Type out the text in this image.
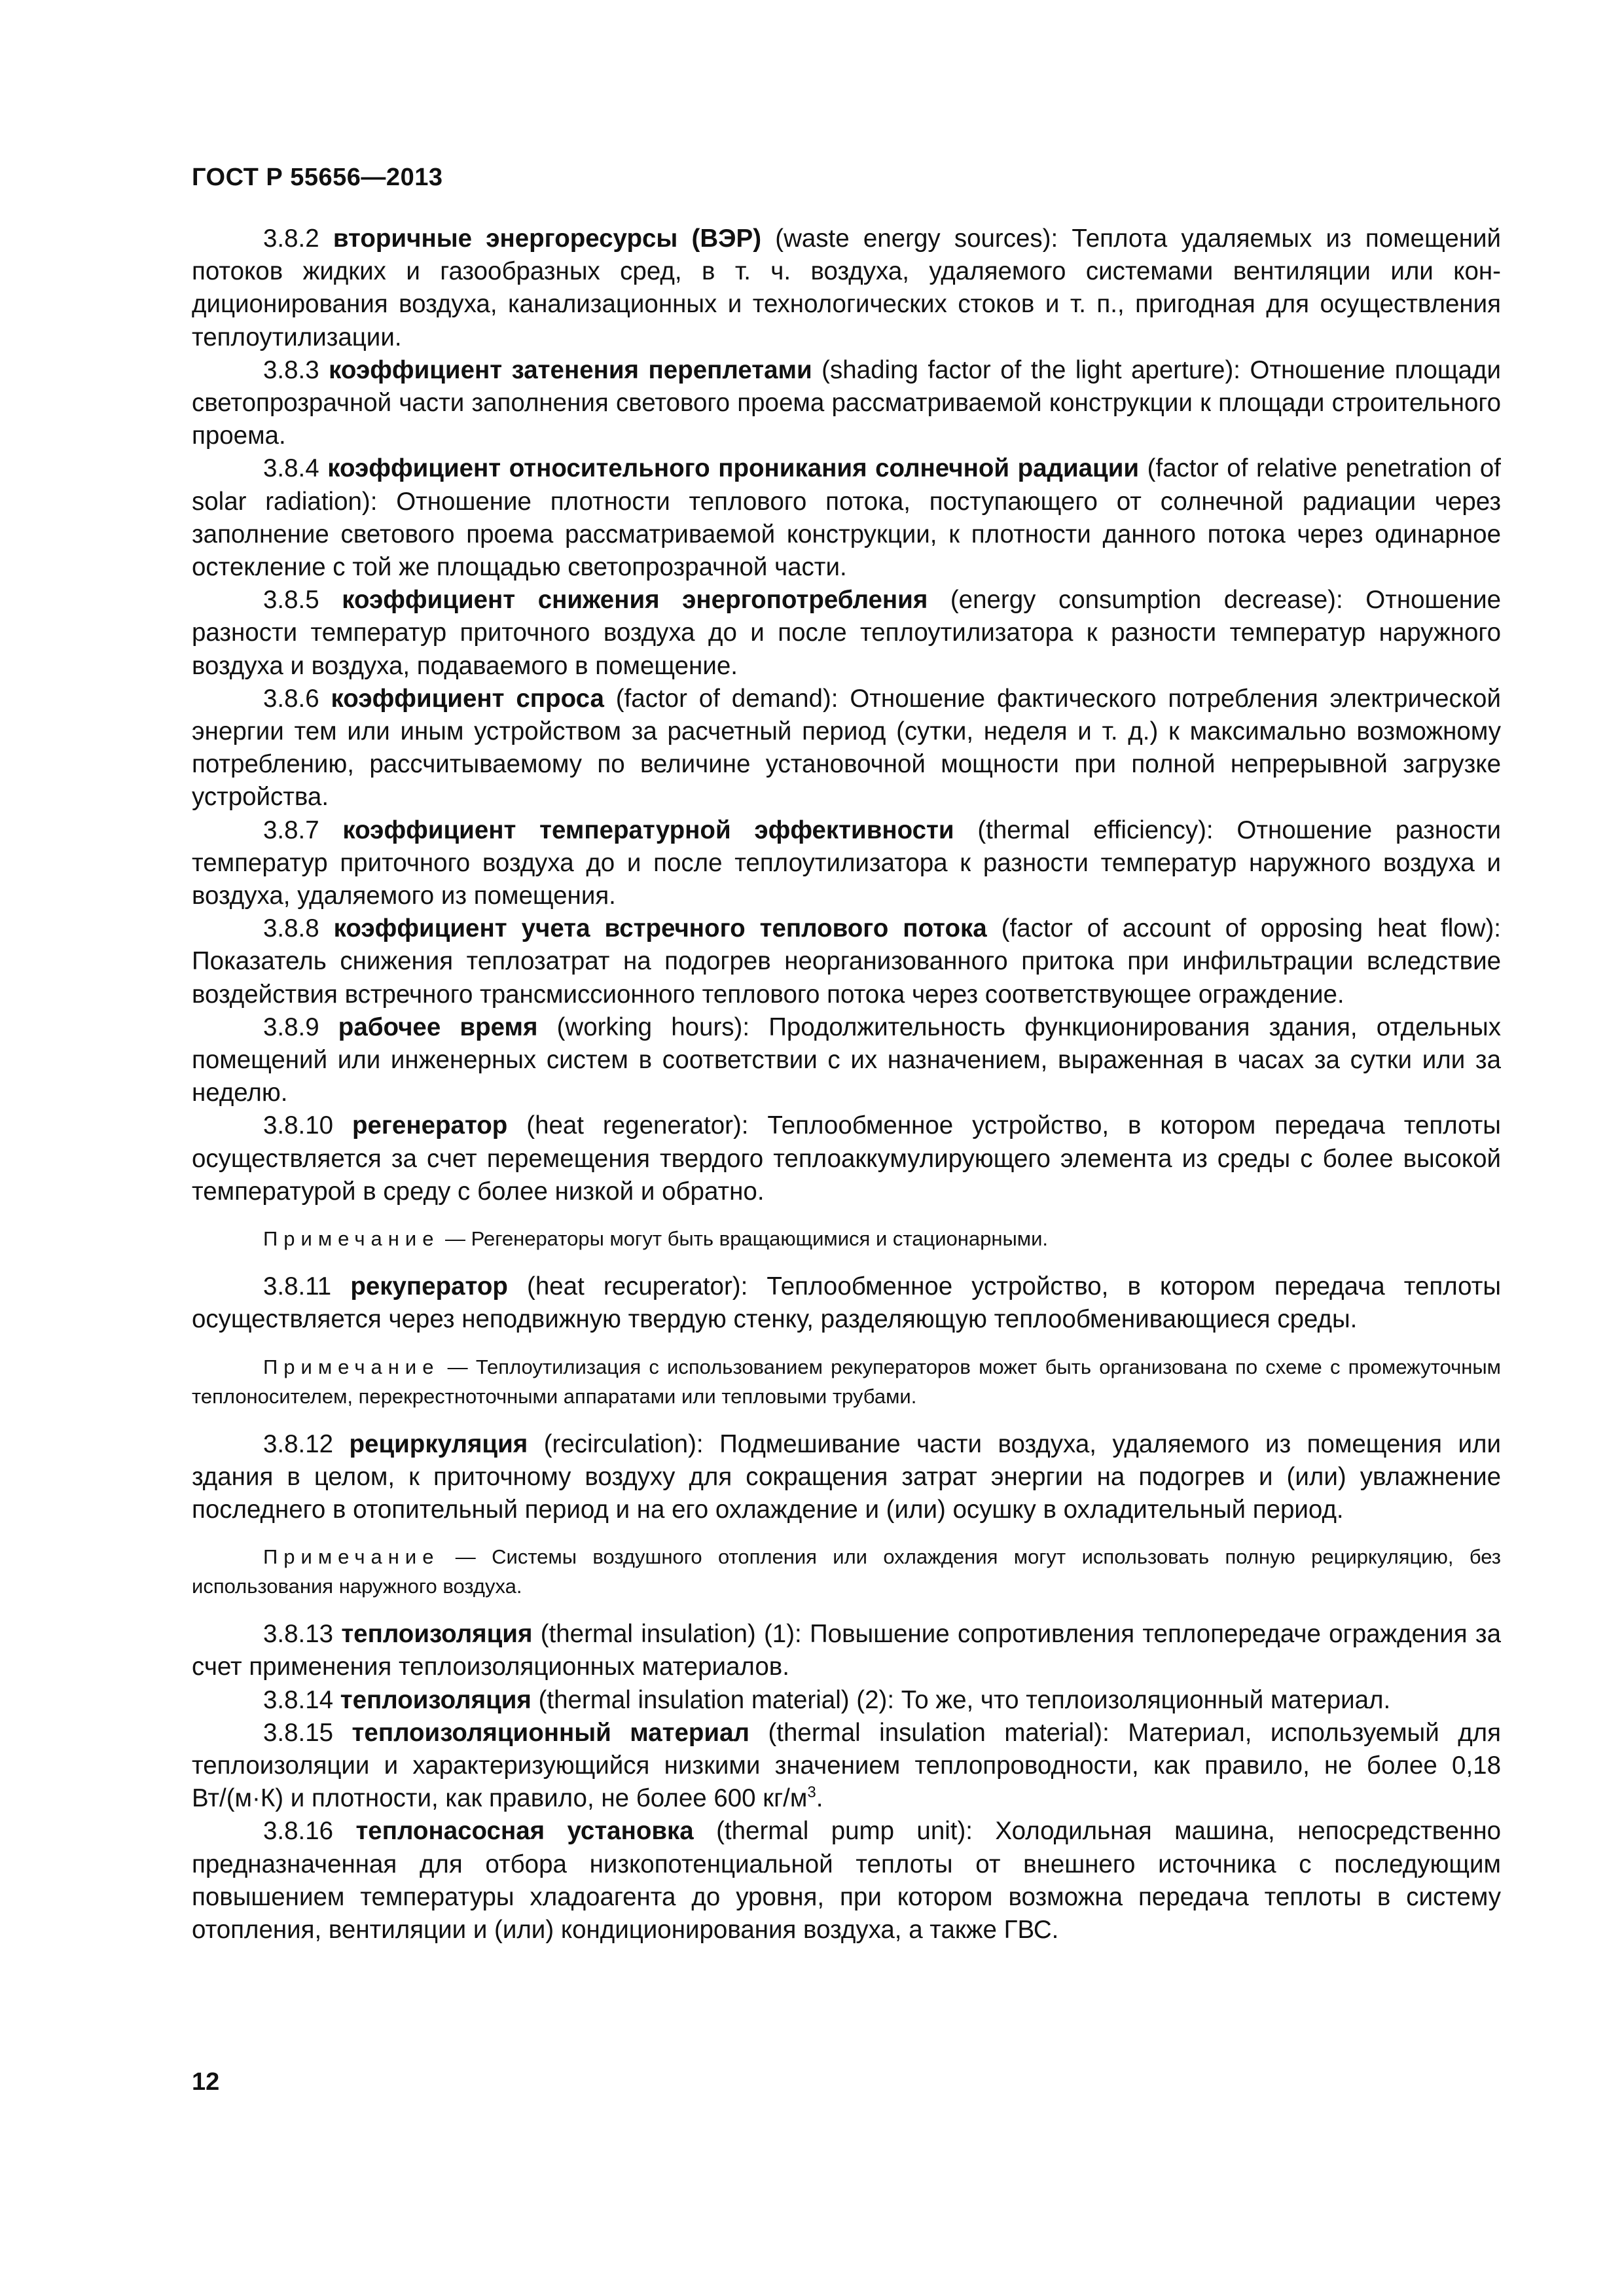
ГОСТ Р 55656—2013

3.8.2 вторичные энергоресурсы (ВЭР) (waste energy sources): Теплота удаляемых из помещений потоков жидких и газообразных сред, в т. ч. воздуха, удаляемого системами вентиляции или кондиционирования воздуха, канализационных и технологических стоков и т. п., пригодная для осуществления теплоутилизации.

3.8.3 коэффициент затенения переплетами (shading factor of the light aperture): Отношение площади светопрозрачной части заполнения светового проема рассматриваемой конструкции к площади строительного проема.

3.8.4 коэффициент относительного проникания солнечной радиации (factor of relative penetration of solar radiation): Отношение плотности теплового потока, поступающего от солнечной радиации через заполнение светового проема рассматриваемой конструкции, к плотности данного потока через одинарное остекление с той же площадью светопрозрачной части.

3.8.5 коэффициент снижения энергопотребления (energy consumption decrease): Отношение разности температур приточного воздуха до и после теплоутилизатора к разности температур наружного воздуха и воздуха, подаваемого в помещение.

3.8.6 коэффициент спроса (factor of demand): Отношение фактического потребления электрической энергии тем или иным устройством за расчетный период (сутки, неделя и т. д.) к максимально возможному потреблению, рассчитываемому по величине установочной мощности при полной непрерывной загрузке устройства.

3.8.7 коэффициент температурной эффективности (thermal efficiency): Отношение разности температур приточного воздуха до и после теплоутилизатора к разности температур наружного воздуха и воздуха, удаляемого из помещения.

3.8.8 коэффициент учета встречного теплового потока (factor of account of opposing heat flow): Показатель снижения теплозатрат на подогрев неорганизованного притока при инфильтрации вследствие воздействия встречного трансмиссионного теплового потока через соответствующее ограждение.

3.8.9 рабочее время (working hours): Продолжительность функционирования здания, отдельных помещений или инженерных систем в соответствии с их назначением, выраженная в часах за сутки или за неделю.

3.8.10 регенератор (heat regenerator): Теплообменное устройство, в котором передача теплоты осуществляется за счет перемещения твердого теплоаккумулирующего элемента из среды с более высокой температурой в среду с более низкой и обратно.

Примечание — Регенераторы могут быть вращающимися и стационарными.

3.8.11 рекуператор (heat recuperator): Теплообменное устройство, в котором передача теплоты осуществляется через неподвижную твердую стенку, разделяющую теплообменивающиеся среды.

Примечание — Теплоутилизация с использованием рекуператоров может быть организована по схеме с промежуточным теплоносителем, перекрестноточными аппаратами или тепловыми трубами.

3.8.12 рециркуляция (recirculation): Подмешивание части воздуха, удаляемого из помещения или здания в целом, к приточному воздуху для сокращения затрат энергии на подогрев и (или) увлажнение последнего в отопительный период и на его охлаждение и (или) осушку в охладительный период.

Примечание — Системы воздушного отопления или охлаждения могут использовать полную рециркуляцию, без использования наружного воздуха.

3.8.13 теплоизоляция (thermal insulation) (1): Повышение сопротивления теплопередаче ограждения за счет применения теплоизоляционных материалов.

3.8.14 теплоизоляция (thermal insulation material) (2): То же, что теплоизоляционный материал.

3.8.15 теплоизоляционный материал (thermal insulation material): Материал, используемый для теплоизоляции и характеризующийся низкими значением теплопроводности, как правило, не более 0,18 Вт/(м·К) и плотности, как правило, не более 600 $кг/м^3$.

3.8.16 теплонасосная установка (thermal pump unit): Холодильная машина, непосредственно предназначенная для отбора низкопотенциальной теплоты от внешнего источника с последующим повышением температуры хладоагента до уровня, при котором возможна передача теплоты в систему отопления, вентиляции и (или) кондиционирования воздуха, а также ГВС.

12
